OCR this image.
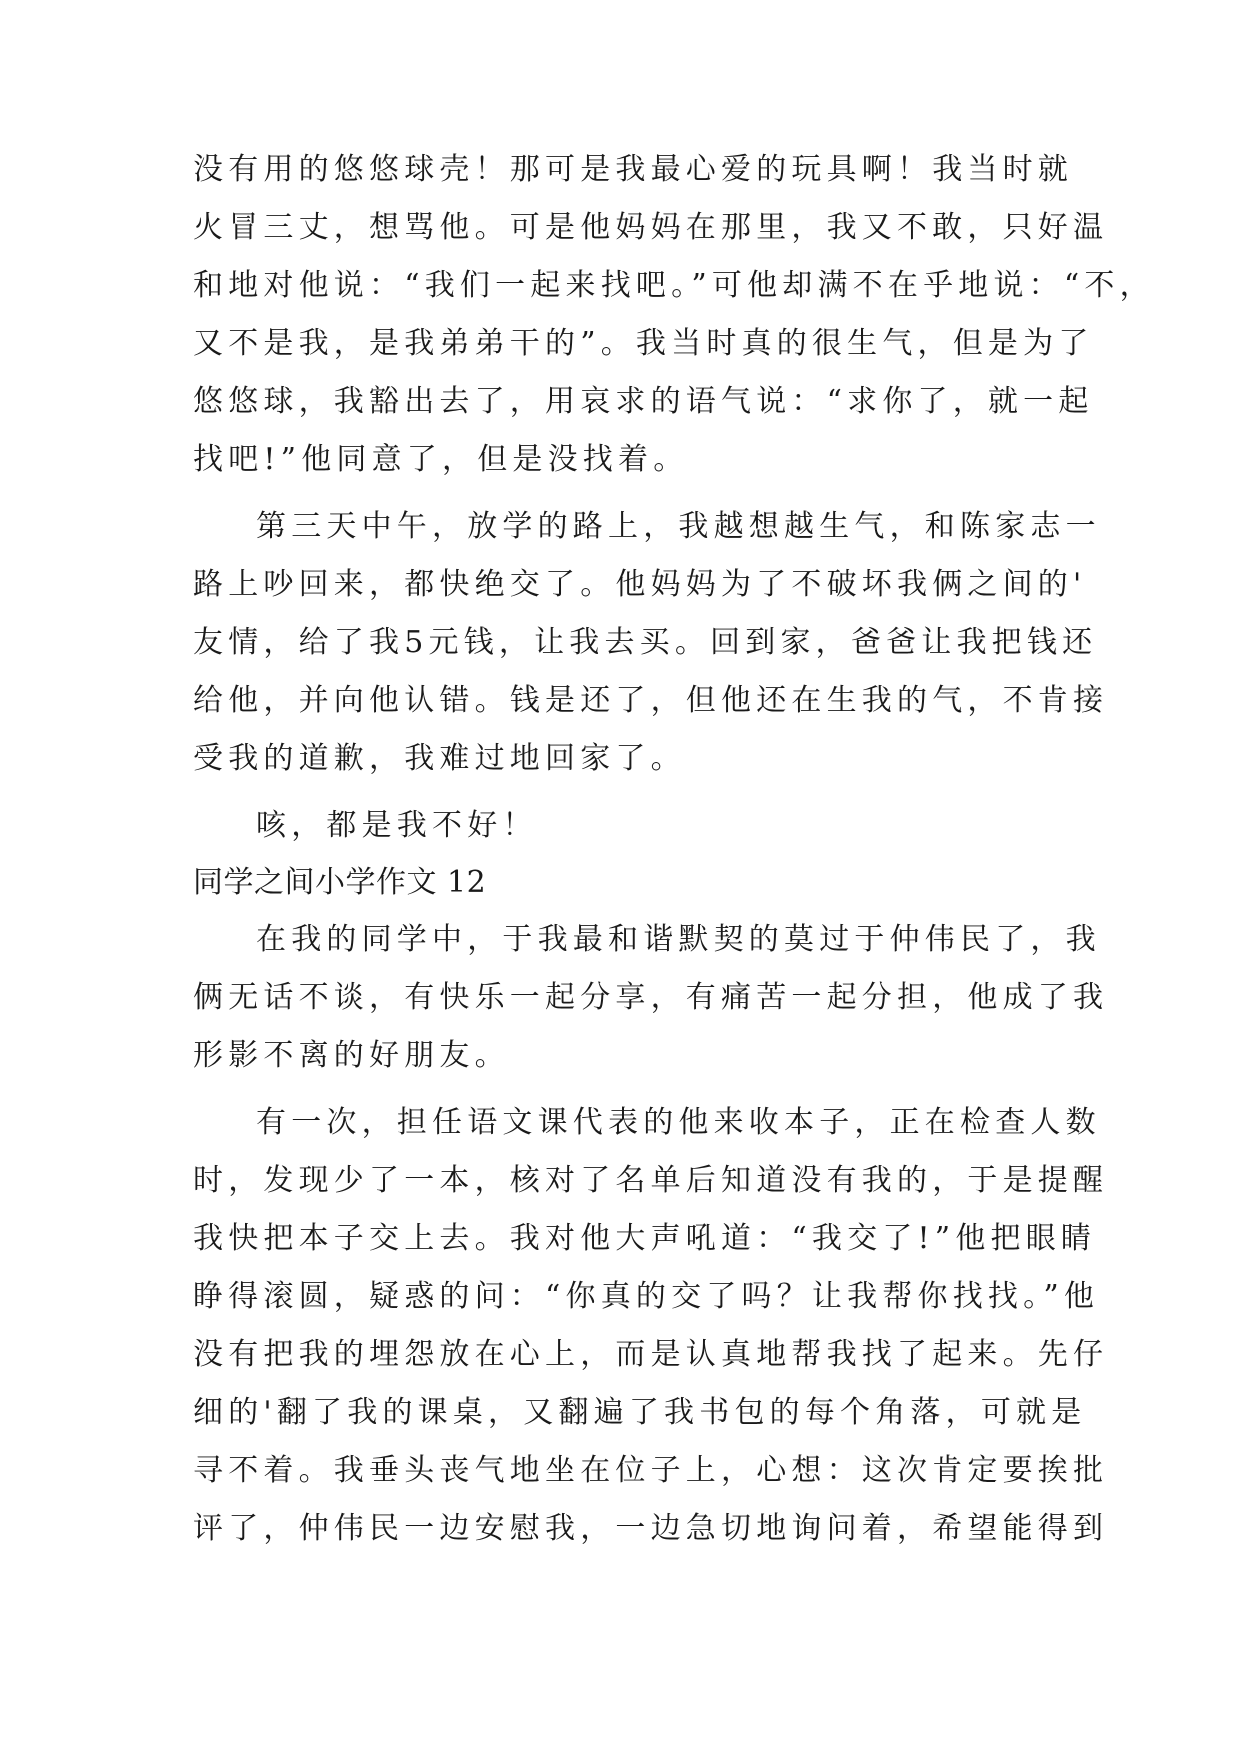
没有用的悠悠球壳！那可是我最心爱的玩具啊！我当时就
火冒三丈，想骂他。可是他妈妈在那里，我又不敢，只好温
和地对他说：“我们一起来找吧。”可他却满不在乎地说：“不，
又不是我，是我弟弟干的”。我当时真的很生气，但是为了
悠悠球，我豁出去了，用哀求的语气说：“求你了，就一起
找吧!”他同意了，但是没找着。
第三天中午，放学的路上，我越想越生气，和陈家志一
路上吵回来，都快绝交了。他妈妈为了不破坏我俩之间的'
友情，给了我5元钱，让我去买。回到家，爸爸让我把钱还
给他，并向他认错。钱是还了，但他还在生我的气，不肯接
受我的道歉，我难过地回家了。
咳，都是我不好！
同学之间小学作文 12
在我的同学中，于我最和谐默契的莫过于仲伟民了，我
俩无话不谈，有快乐一起分享，有痛苦一起分担，他成了我
形影不离的好朋友。
有一次，担任语文课代表的他来收本子，正在检查人数
时，发现少了一本，核对了名单后知道没有我的，于是提醒
我快把本子交上去。我对他大声吼道：“我交了!”他把眼睛
睁得滚圆，疑惑的问：“你真的交了吗？让我帮你找找。”他
没有把我的埋怨放在心上，而是认真地帮我找了起来。先仔
细的'翻了我的课桌，又翻遍了我书包的每个角落，可就是
寻不着。我垂头丧气地坐在位子上，心想：这次肯定要挨批
评了，仲伟民一边安慰我，一边急切地询问着，希望能得到
